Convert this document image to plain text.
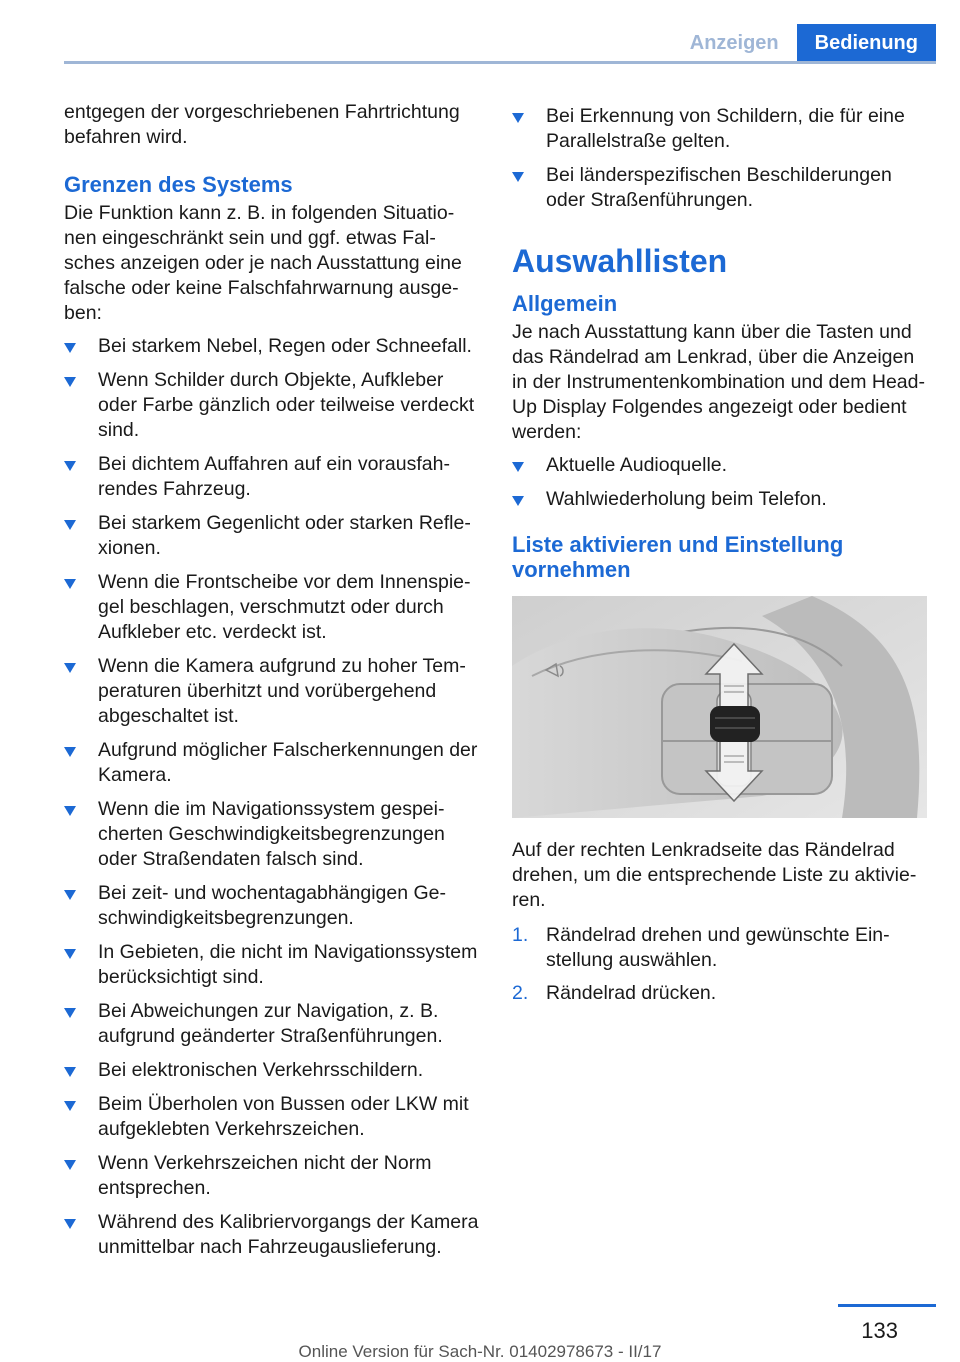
Anzeigen	Bedienung

entgegen der vorgeschriebenen Fahrtrichtung befahren wird.

Grenzen des Systems

Die Funktion kann z. B. in folgenden Situationen eingeschränkt sein und ggf. etwas Falsches anzeigen oder je nach Ausstattung eine falsche oder keine Falschfahrwarnung ausgeben:

Bei starkem Nebel, Regen oder Schneefall.
Wenn Schilder durch Objekte, Aufkleber oder Farbe gänzlich oder teilweise verdeckt sind.
Bei dichtem Auffahren auf ein vorausfahrendes Fahrzeug.
Bei starkem Gegenlicht oder starken Reflexionen.
Wenn die Frontscheibe vor dem Innenspiegel beschlagen, verschmutzt oder durch Aufkleber etc. verdeckt ist.
Wenn die Kamera aufgrund zu hoher Temperaturen überhitzt und vorübergehend abgeschaltet ist.
Aufgrund möglicher Falscherkennungen der Kamera.
Wenn die im Navigationssystem gespeicherten Geschwindigkeitsbegrenzungen oder Straßendaten falsch sind.
Bei zeit- und wochentagabhängigen Geschwindigkeitsbegrenzungen.
In Gebieten, die nicht im Navigationssystem berücksichtigt sind.
Bei Abweichungen zur Navigation, z. B. aufgrund geänderter Straßenführungen.
Bei elektronischen Verkehrsschildern.
Beim Überholen von Bussen oder LKW mit aufgeklebten Verkehrszeichen.
Wenn Verkehrszeichen nicht der Norm entsprechen.
Während des Kalibriervorgangs der Kamera unmittelbar nach Fahrzeugauslieferung.
Bei Erkennung von Schildern, die für eine Parallelstraße gelten.
Bei länderspezifischen Beschilderungen oder Straßenführungen.
Auswahllisten
Allgemein

Je nach Ausstattung kann über die Tasten und das Rändelrad am Lenkrad, über die Anzeigen in der Instrumentenkombination und dem Head-Up Display Folgendes angezeigt oder bedient werden:

Aktuelle Audioquelle.
Wahlwiederholung beim Telefon.
Liste aktivieren und Einstellung vornehmen

Auf der rechten Lenkradseite das Rändelrad drehen, um die entsprechende Liste zu aktivieren.

1. Rändelrad drehen und gewünschte Einstellung auswählen.
2. Rändelrad drücken.
133
Online Version für Sach-Nr. 01402978673 - II/17
